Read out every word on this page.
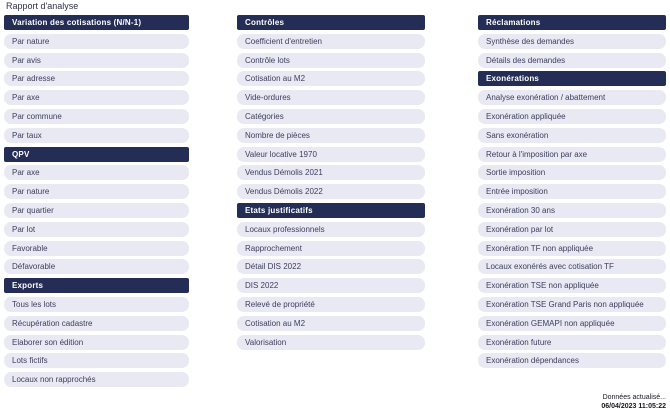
Rapport d'analyse
Variation des cotisations (N/N-1)
Par nature
Par avis
Par adresse
Par axe
Par commune
Par taux
QPV
Par axe
Par nature
Par quartier
Par lot
Favorable
Défavorable
Exports
Tous les lots
Récupération cadastre
Elaborer son édition
Lots fictifs
Locaux non rapprochés
Contrôles
Coefficient d'entretien
Contrôle lots
Cotisation au M2
Vide-ordures
Catégories
Nombre de pièces
Valeur locative 1970
Vendus Démolis 2021
Vendus Démolis 2022
Etats justificatifs
Locaux professionnels
Rapprochement
Détail DIS 2022
DIS 2022
Relevé de propriété
Cotisation au M2
Valorisation
Réclamations
Synthèse des demandes
Détails des demandes
Exonérations
Analyse exonération / abattement
Exonération appliquée
Sans exonération
Retour à l'imposition par axe
Sortie imposition
Entrée imposition
Exonération 30 ans
Exonération par lot
Exonération TF non appliquée
Locaux exonérés avec cotisation TF
Exonération TSE non appliquée
Exonération TSE Grand Paris non appliquée
Exonération GEMAPI non appliquée
Exonération future
Exonération dépendances
Données actualisé...
06/04/2023 11:05:22
